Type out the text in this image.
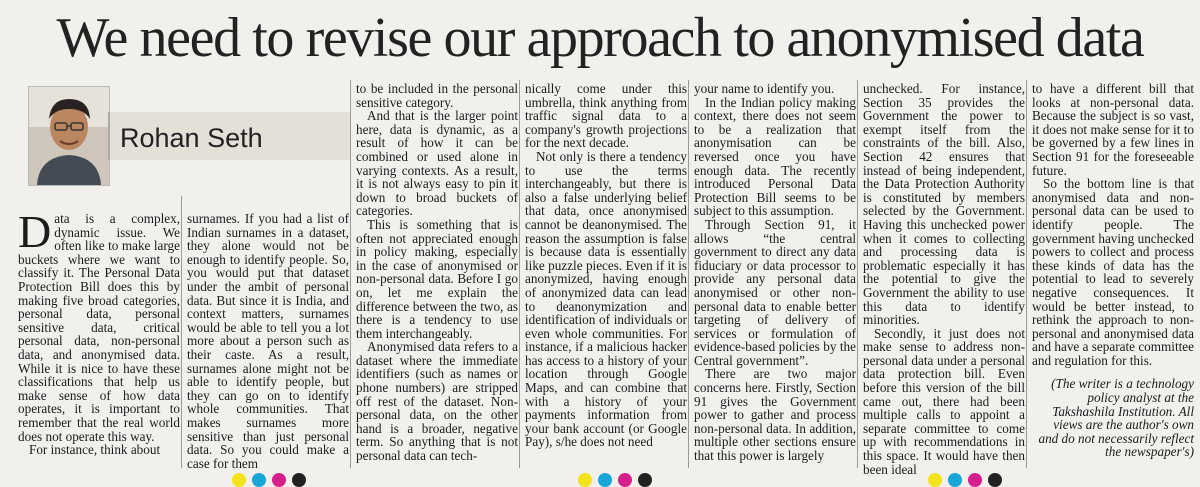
We need to revise our approach to anonymised data
Rohan Seth

Data is a complex, dynamic issue. We often like to make large buckets where we want to classify it. The Personal Data Protection Bill does this by making five broad categories, personal data, personal sensitive data, critical personal data, non-personal data, and anonymised data. While it is nice to have these classifications that help us make sense of how data operates, it is important to remember that the real world does not operate this way.

For instance, think about

surnames. If you had a list of Indian surnames in a dataset, they alone would not be enough to identify people. So, you would put that dataset under the ambit of personal data. But since it is India, and context matters, surnames would be able to tell you a lot more about a person such as their caste. As a result, surnames alone might not be able to identify people, but they can go on to identify whole communities. That makes surnames more sensitive than just personal data. So you could make a case for them

to be included in the personal sensitive category.

And that is the larger point here, data is dynamic, as a result of how it can be combined or used alone in varying contexts. As a result, it is not always easy to pin it down to broad buckets of categories.

This is something that is often not appreciated enough in policy making, especially in the case of anonymised or non-personal data. Before I go on, let me explain the difference between the two, as there is a tendency to use them interchangeably.

Anonymised data refers to a dataset where the immediate identifiers (such as names or phone numbers) are stripped off rest of the dataset. Non-personal data, on the other hand is a broader, negative term. So anything that is not personal data can tech-

nically come under this umbrella, think anything from traffic signal data to a company's growth projections for the next decade.

Not only is there a tendency to use the terms interchangeably, but there is also a false underlying belief that data, once anonymised cannot be deanonymised. The reason the assumption is false is because data is essentially like puzzle pieces. Even if it is anonymized, having enough of anonymized data can lead to deanonymization and identification of individuals or even whole communities. For instance, if a malicious hacker has access to a history of your location through Google Maps, and can combine that with a history of your payments information from your bank account (or Google Pay), s/he does not need

your name to identify you.

In the Indian policy making context, there does not seem to be a realization that anonymisation can be reversed once you have enough data. The recently introduced Personal Data Protection Bill seems to be subject to this assumption.

Through Section 91, it allows “the central government to direct any data fiduciary or data processor to provide any personal data anonymised or other non-personal data to enable better targeting of delivery of services or formulation of evidence-based policies by the Central government”.

There are two major concerns here. Firstly, Section 91 gives the Government power to gather and process non-personal data. In addition, multiple other sections ensure that this power is largely

unchecked. For instance, Section 35 provides the Government the power to exempt itself from the constraints of the bill. Also, Section 42 ensures that instead of being independent, the Data Protection Authority is constituted by members selected by the Government. Having this unchecked power when it comes to collecting and processing data is problematic especially it has the potential to give the Government the ability to use this data to identify minorities.

Secondly, it just does not make sense to address non-personal data under a personal data protection bill. Even before this version of the bill came out, there had been multiple calls to appoint a separate committee to come up with recommendations in this space. It would have then been ideal

to have a different bill that looks at non-personal data. Because the subject is so vast, it does not make sense for it to be governed by a few lines in Section 91 for the foreseeable future.

So the bottom line is that anonymised data and non-personal data can be used to identify people. The government having unchecked powers to collect and process these kinds of data has the potential to lead to severely negative consequences. It would be better instead, to rethink the approach to non-personal and anonymised data and have a separate committee and regulation for this.

(The writer is a technology policy analyst at the Takshashila Institution. All views are the author's own and do not necessarily reflect the newspaper's)
